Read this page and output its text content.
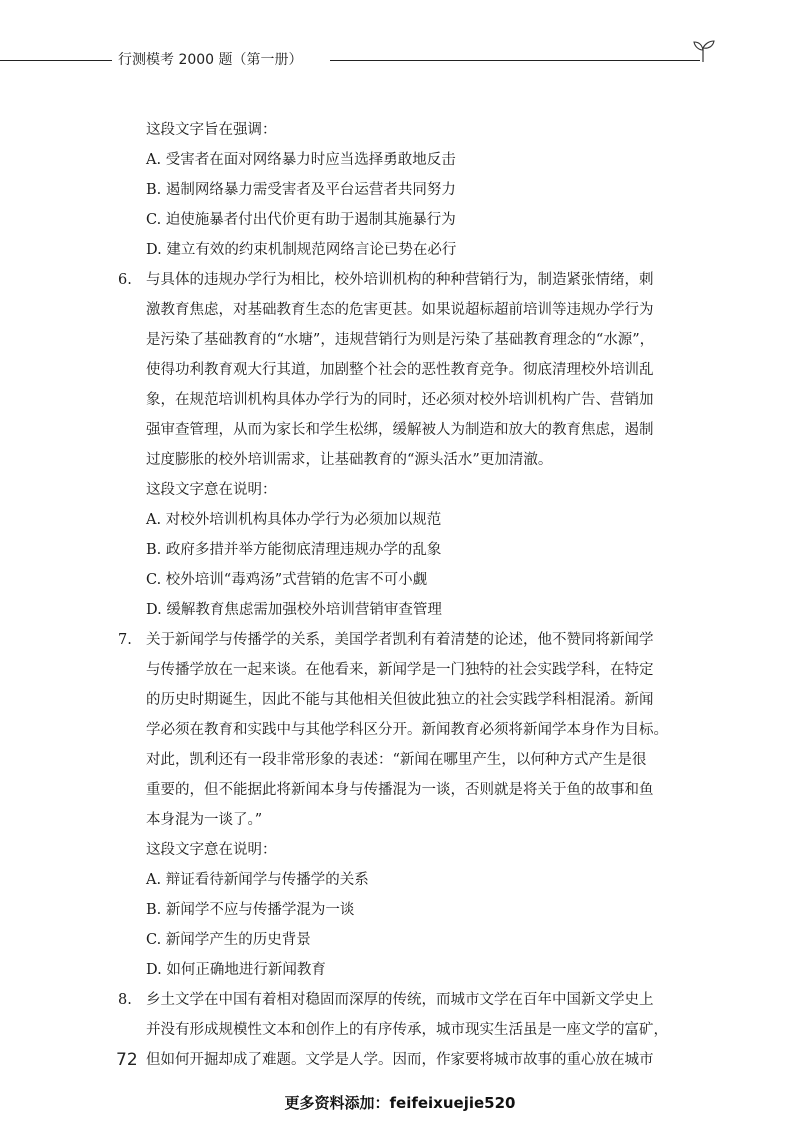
行测模考 2000 题（第一册）
这段文字旨在强调：
A. 受害者在面对网络暴力时应当选择勇敢地反击
B. 遏制网络暴力需受害者及平台运营者共同努力
C. 迫使施暴者付出代价更有助于遏制其施暴行为
D. 建立有效的约束机制规范网络言论已势在必行
6. 与具体的违规办学行为相比，校外培训机构的种种营销行为，制造紧张情绪，刺
激教育焦虑，对基础教育生态的危害更甚。如果说超标超前培训等违规办学行为
是污染了基础教育的“水塘”，违规营销行为则是污染了基础教育理念的“水源”，
使得功利教育观大行其道，加剧整个社会的恶性教育竞争。彻底清理校外培训乱
象，在规范培训机构具体办学行为的同时，还必须对校外培训机构广告、营销加
强审查管理，从而为家长和学生松绑，缓解被人为制造和放大的教育焦虑，遏制
过度膨胀的校外培训需求，让基础教育的“源头活水”更加清澈。
这段文字意在说明：
A. 对校外培训机构具体办学行为必须加以规范
B. 政府多措并举方能彻底清理违规办学的乱象
C. 校外培训“毒鸡汤”式营销的危害不可小觑
D. 缓解教育焦虑需加强校外培训营销审查管理
7. 关于新闻学与传播学的关系，美国学者凯利有着清楚的论述，他不赞同将新闻学
与传播学放在一起来谈。在他看来，新闻学是一门独特的社会实践学科，在特定
的历史时期诞生，因此不能与其他相关但彼此独立的社会实践学科相混淆。新闻
学必须在教育和实践中与其他学科区分开。新闻教育必须将新闻学本身作为目标。
对此，凯利还有一段非常形象的表述：“新闻在哪里产生，以何种方式产生是很
重要的，但不能据此将新闻本身与传播混为一谈，否则就是将关于鱼的故事和鱼
本身混为一谈了。”
这段文字意在说明：
A. 辩证看待新闻学与传播学的关系
B. 新闻学不应与传播学混为一谈
C. 新闻学产生的历史背景
D. 如何正确地进行新闻教育
8. 乡土文学在中国有着相对稳固而深厚的传统，而城市文学在百年中国新文学史上
并没有形成规模性文本和创作上的有序传承，城市现实生活虽是一座文学的富矿，
但如何开掘却成了难题。文学是人学。因而，作家要将城市故事的重心放在城市
72
更多资料添加：feifeixuejie520
